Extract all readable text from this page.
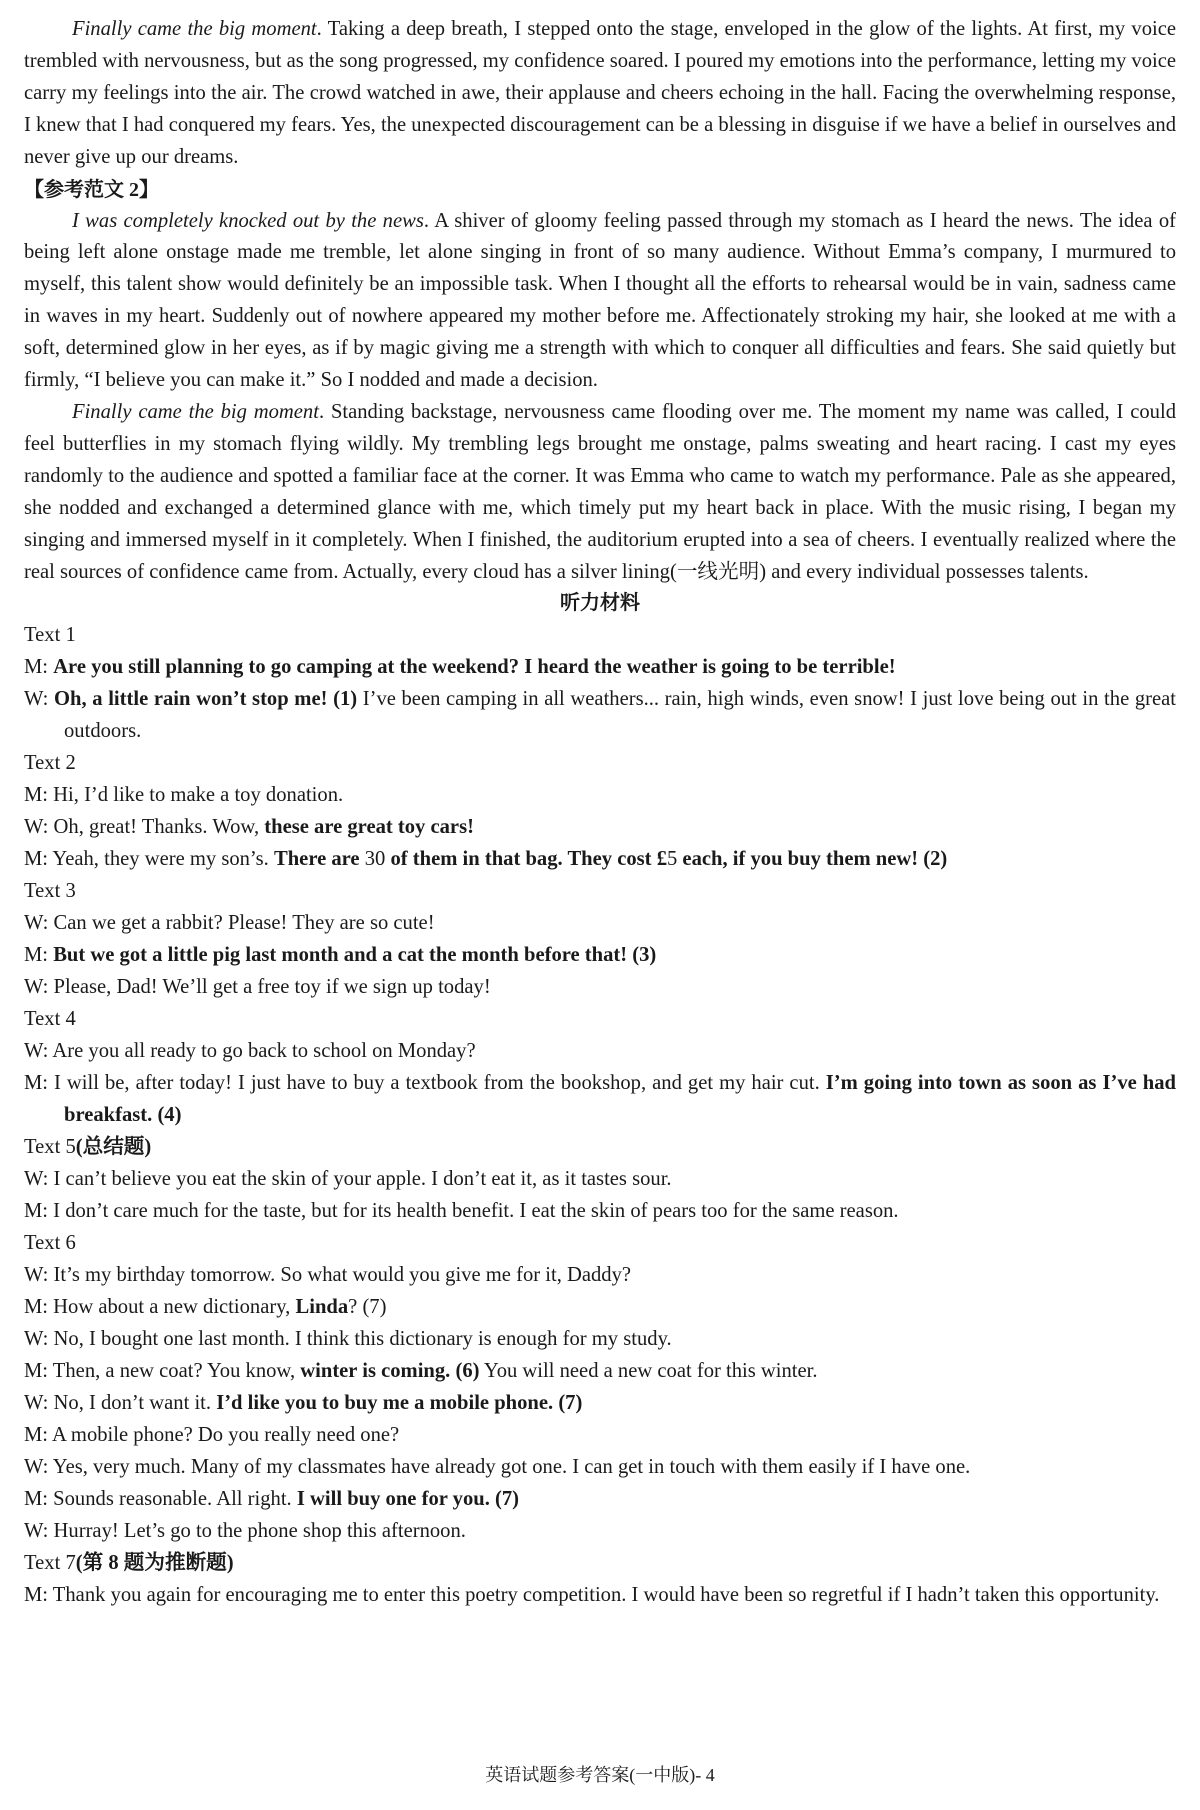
Finally came the big moment. Taking a deep breath, I stepped onto the stage, enveloped in the glow of the lights. At first, my voice trembled with nervousness, but as the song progressed, my confidence soared. I poured my emotions into the performance, letting my voice carry my feelings into the air. The crowd watched in awe, their applause and cheers echoing in the hall. Facing the overwhelming response, I knew that I had conquered my fears. Yes, the unexpected discouragement can be a blessing in disguise if we have a belief in ourselves and never give up our dreams.

【参考范文 2】

I was completely knocked out by the news. A shiver of gloomy feeling passed through my stomach as I heard the news. The idea of being left alone onstage made me tremble, let alone singing in front of so many audience. Without Emma’s company, I murmured to myself, this talent show would definitely be an impossible task. When I thought all the efforts to rehearsal would be in vain, sadness came in waves in my heart. Suddenly out of nowhere appeared my mother before me. Affectionately stroking my hair, she looked at me with a soft, determined glow in her eyes, as if by magic giving me a strength with which to conquer all difficulties and fears. She said quietly but firmly, “I believe you can make it.” So I nodded and made a decision.

Finally came the big moment. Standing backstage, nervousness came flooding over me. The moment my name was called, I could feel butterflies in my stomach flying wildly. My trembling legs brought me onstage, palms sweating and heart racing. I cast my eyes randomly to the audience and spotted a familiar face at the corner. It was Emma who came to watch my performance. Pale as she appeared, she nodded and exchanged a determined glance with me, which timely put my heart back in place. With the music rising, I began my singing and immersed myself in it completely. When I finished, the auditorium erupted into a sea of cheers. I eventually realized where the real sources of confidence came from. Actually, every cloud has a silver lining(一线光明) and every individual possesses talents.

听力材料

Text 1

M: Are you still planning to go camping at the weekend? I heard the weather is going to be terrible!

W: Oh, a little rain won’t stop me! (1) I’ve been camping in all weathers... rain, high winds, even snow! I just love being out in the great outdoors.

Text 2

M: Hi, I’d like to make a toy donation.

W: Oh, great! Thanks. Wow, these are great toy cars!

M: Yeah, they were my son’s. There are 30 of them in that bag. They cost £5 each, if you buy them new! (2)

Text 3

W: Can we get a rabbit? Please! They are so cute!

M: But we got a little pig last month and a cat the month before that! (3)

W: Please, Dad! We’ll get a free toy if we sign up today!

Text 4

W: Are you all ready to go back to school on Monday?

M: I will be, after today! I just have to buy a textbook from the bookshop, and get my hair cut. I’m going into town as soon as I’ve had breakfast. (4)

Text 5(总结题)

W: I can’t believe you eat the skin of your apple. I don’t eat it, as it tastes sour.

M: I don’t care much for the taste, but for its health benefit. I eat the skin of pears too for the same reason.

Text 6

W: It’s my birthday tomorrow. So what would you give me for it, Daddy?

M: How about a new dictionary, Linda? (7)

W: No, I bought one last month. I think this dictionary is enough for my study.

M: Then, a new coat? You know, winter is coming. (6) You will need a new coat for this winter.

W: No, I don’t want it. I’d like you to buy me a mobile phone. (7)

M: A mobile phone? Do you really need one?

W: Yes, very much. Many of my classmates have already got one. I can get in touch with them easily if I have one.

M: Sounds reasonable. All right. I will buy one for you. (7)

W: Hurray! Let’s go to the phone shop this afternoon.

Text 7(第 8 题为推断题)

M: Thank you again for encouraging me to enter this poetry competition. I would have been so regretful if I hadn’t taken this opportunity.

英语试题参考答案(一中版)- 4
